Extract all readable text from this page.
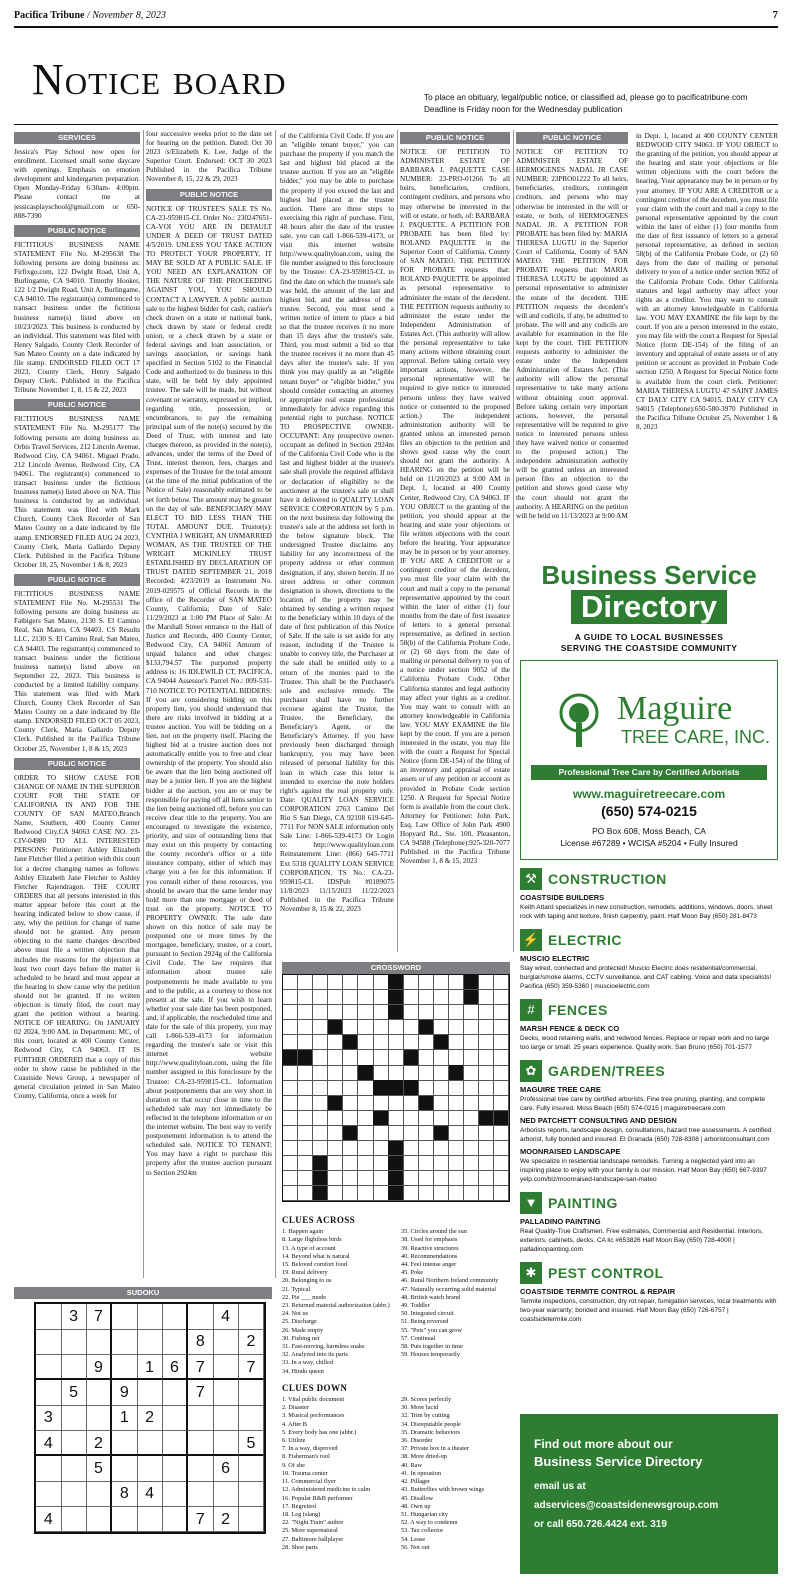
Pacifica Tribune / November 8, 2023	7
Notice board	To place an obituary, legal/public notice, or classified ad, please go to pacificatribune.com
Deadline is Friday noon for the Wednesday publication
SERVICES

Jessica's Play School now open for enrollment. Licensed small some daycare with openings. Emphasis on emotion development and kindergarten preparation. Open Monday-Friday 6:30am- 4:00pm. Please contact me at jessicasplayschool@gmail.com or 650-888-7390

PUBLIC NOTICE

FICTITIOUS BUSINESS NAME STATEMENT File No. M-295638 The following persons are doing business as: Firfixgo.com, 122 Dwight Road, Unit A, Burlingame, CA 94010. Timothy Hooker, 122 1/2 Dwight Road, Unit A, Burlingame, CA 94010. The registrant(s) commenced to transact business under the fictitious business name(s) listed above on 10/23/2023. This business is conducted by an individual. This statement was filed with Henry Salgado, County Clerk Recorder of San Mateo County on a date indicated by file stamp. ENDORSED FILED OCT 17 2023, County Clerk, Henry Salgado Deputy Clerk. Published in the Pacifica Tribune November 1, 8, 15 & 22, 2023

PUBLIC NOTICE

FICTITIOUS BUSINESS NAME STATEMENT File No. M-295177 The following persons are doing business as: Orbis Travel Services, 212 Lincoln Avenue, Redwood City, CA 94061. Miguel Prado, 212 Lincoln Avenue, Redwood City, CA 94061. The registrant(s) commenced to transact business under the fictitious business name(s) listed above on N/A. This business is conducted by an individual. This statement was filed with Mark Church, County Clerk Recorder of San Mateo County on a date indicated by file stamp. ENDORSED FILED AUG 24 2023, County Clerk, Maria Gallardo Deputy Clerk. Published in the Pacifica Tribune October 18, 25, November 1 & 8, 2023

PUBLIC NOTICE

FICTITIOUS BUSINESS NAME STATEMENT File No. M-295531 The following persons are doing business as: Fatbigers San Mateo, 2130 S. El Camino Real, San Mateo, CA 94403. CS Results LLC, 2130 S. El Camino Real, San Mateo, CA 94403. The registrant(s) commenced to transact business under the fictitious business name(s) listed above on September 22, 2023. This business is conducted by a limited liability company. This statement was filed with Mark Church, County Clerk Recorder of San Mateo County on a date indicated by file stamp. ENDORSED FILED OCT 05 2023, County Clerk, Maria Gallardo Deputy Clerk. Published in the Pacifica Tribune October 25, November 1, 8 & 15, 2023

PUBLIC NOTICE

ORDER TO SHOW CAUSE FOR CHANGE OF NAME IN THE SUPERIOR COURT FOR THE STATE OF CALIFORNIA IN AND FOR THE COUNTY OF SAN MATEO,Branch Name, Southern, 400 County Center Redwood City,CA 94063 CASE NO. 23-CIV-04980 TO ALL INTERESTED PERSONS: Petitioner: Ashley Elizabeth Jane Fletcher filed a petition with this court for a decree changing names as follows: Ashley Elizabeth Jane Fletcher to Ashley Fletcher Rajendragon. THE COURT ORDERS that all persons interested in this matter appear before this court at the hearing indicated below to show cause, if any, why the petition for change of name should not be granted. Any person objecting to the name changes described above must file a written objection that includes the reasons for the objection at least two court days before the matter is scheduled to be heard and must appear at the hearing to show cause why the petition should not be granted. If no written objection is timely filed, the court may grant the petition without a hearing. NOTICE OF HEARING: On JANUARY 02 2024, 9:00 AM, in Department: MC, of this court, located at 400 County Center, Redwood City, CA 94063. IT IS FURTHER ORDERED that a copy of this order to show cause be published in the Coastside News Group, a newspaper of general circulation printed in San Mateo County, California, once a week for

four successive weeks prior to the date set for hearing on the petition. Dated: Oct 30 2023 /s/Elizabeth K. Lee, Judge of the Superior Court. Endorsed: OCT 30 2023 Published in the Pacifica Tribune November 8, 15, 22 & 29, 2023

PUBLIC NOTICE

NOTICE OF TRUSTEE'S SALE TS No. CA-23-959815-CL Order No.: 230247651-CA-VOI YOU ARE IN DEFAULT UNDER A DEED OF TRUST DATED 4/5/2019. UNLESS YOU TAKE ACTION TO PROTECT YOUR PROPERTY, IT MAY BE SOLD AT A PUBLIC SALE. IF YOU NEED AN EXPLANATION OF THE NATURE OF THE PROCEEDING AGAINST YOU, YOU SHOULD CONTACT A LAWYER. A public auction sale to the highest bidder for cash, cashier's check drawn on a state or national bank, check drawn by state or federal credit union, or a check drawn by a state or federal savings and loan association, or savings association, or savings bank specified in Section 5102 to the Financial Code and authorized to do business in this state, will be held by duly appointed trustee. The sale will be made, but without covenant or warranty, expressed or implied, regarding title, possession, or encumbrances, to pay the remaining principal sum of the note(s) secured by the Deed of Trust, with interest and late charges thereon, as provided in the note(s), advances, under the terms of the Deed of Trust, interest thereon, fees, charges and expenses of the Trustee for the total amount (at the time of the initial publication of the Notice of Sale) reasonably estimated to be set forth below. The amount may be greater on the day of sale. BENEFICIARY MAY ELECT TO BID LESS THAN THE TOTAL AMOUNT DUE. Trustor(s): CYNTHIA J WRIGHT, AN UNMARRIED WOMAN, AS THE TRUSTEE OF THE WRIGHT MCKINLEY TRUST ESTABLISHED BY DECLARATION OF TRUST DATED SEPTEMBER 21, 2018 Recorded: 4/23/2019 as Instrument No. 2019-029575 of Official Records in the office of the Recorder of SAN MATEO County, California; Date of Sale: 11/29/2023 at 1:00 PM Place of Sale: At the Marshall Street entrance to the Hall of Justice and Records, 400 County Center, Redwood City, CA 94061 Amount of unpaid balance and other charges: $133,794.57 The purported property address is: 16 IDLEWILD CT, PACIFICA, CA 94044 Assessor's Parcel No.: 009-531-710 NOTICE TO POTENTIAL BIDDERS: If you are considering bidding on this property lien, you should understand that there are risks involved in bidding at a trustee auction. You will be bidding on a lien, not on the property itself. Placing the highest bid at a trustee auction does not automatically entitle you to free and clear ownership of the property. You should also be aware that the lien being auctioned off may be a junior lien. If you are the highest bidder at the auction, you are or may be responsible for paying off all liens senior to the lien being auctioned off, before you can receive clear title to the property. You are encouraged to investigate the existence, priority, and size of outstanding liens that may exist on this property by contacting the county recorder's office or a title insurance company, either of which may charge you a fee for this information. If you consult either of these resources, you should be aware that the same lender may hold more than one mortgage or deed of trust on the property. NOTICE TO PROPERTY OWNER: The sale date shown on this notice of sale may be postponed one or more times by the mortgagee, beneficiary, trustee, or a court, pursuant to Section 2924g of the California Civil Code. The law requires that information about trustee sale postponements be made available to you and to the public, as a courtesy to those not present at the sale. If you wish to learn whether your sale date has been postponed, and, if applicable, the rescheduled time and date for the sale of this property, you may call 1-866-539-4173 for information regarding the trustee's sale or visit this internet website http://www.qualityloan.com, using the file number assigned to this foreclosure by the Trustee: CA-23-959815-CL. Information about postponements that are very short in duration or that occur close in time to the scheduled sale may not immediately be reflected in the telephone information or on the internet website. The best way to verify postponement information is to attend the scheduled sale. NOTICE TO TENANT: You may have a right to purchase this property after the trustee auction pursuant to Section 2924m

of the California Civil Code. If you are an "eligible tenant buyer," you can purchase the property if you match the last and highest bid placed at the trustee auction. If you are an "eligible bidder," you may be able to purchase the property if you exceed the last and highest bid placed at the trustee auction. There are three steps to exercising this right of purchase. First, 48 hours after the date of the trustee sale, you can call 1-866-539-4173, or visit this internet website http://www.qualityloan.com, using the file number assigned to this foreclosure by the Trustee: CA-23-959815-CL to find the date on which the trustee's sale was held, the amount of the last and highest bid, and the address of the trustee. Second, you must send a written notice of intent to place a bid so that the trustee receives it no more than 15 days after the trustee's sale. Third, you must submit a bid so that the trustee receives it no more than 45 days after the trustee's sale. If you think you may qualify as an "eligible tenant buyer" or "eligible bidder," you should consider contacting an attorney or appropriate real estate professional immediately for advice regarding this potential right to purchase. NOTICE TO PROSPECTIVE OWNER-OCCUPANT: Any prospective owner-occupant as defined in Section 2924m of the California Civil Code who is the last and highest bidder at the trustee's sale shall provide the required affidavit or declaration of eligibility to the auctioneer at the trustee's sale or shall have it delivered to QUALITY LOAN SERVICE CORPORATION by 5 p.m. on the next business day following the trustee's sale at the address set forth in the below signature block. The undersigned Trustee disclaims any liability for any incorrectness of the property address or other common designation, if any, shown herein. If no street address or other common designation is shown, directions to the location of the property may be obtained by sending a written request to the beneficiary within 10 days of the date of first publication of this Notice of Sale. If the sale is set aside for any reason, including if the Trustee is unable to convey title, the Purchaser at the sale shall be entitled only to a return of the monies paid to the Trustee. This shall be the Purchaser's sole and exclusive remedy. The purchaser shall have no further recourse against the Trustor, the Trustee, the Beneficiary, the Beneficiary's Agent, or the Beneficiary's Attorney. If you have previously been discharged through bankruptcy, you may have been released of personal liability for this loan in which case this letter is intended to exercise the note holders right's against the real property only. Date: QUALITY LOAN SERVICE CORPORATION 2763 Camino Del Rio S San Diego, CA 92108 619-645-7711 For NON SALE information only Sale Line: 1-866-539-4173 Or Login to: http://www.qualityloan.com Reinstatement Line: (866) 645-7711 Ext 5318 QUALITY LOAN SERVICE CORPORATION. TS No.: CA-23-959815-CL IDSPub #0189075 11/8/2023 11/15/2023 11/22/2023 Published in the Pacifica Tribune November 8, 15 & 22, 2023

PUBLIC NOTICE

NOTICE OF PETITION TO ADMINISTER ESTATE OF BARBARA J. PAQUETTE CASE NUMBER: 23-PRO-01266 To all heirs, beneficiaries, creditors, contingent creditors, and persons who may otherwise be interested in the will or estate, or both, of: BARBARA J. PAQUETTE. A PETITION FOR PROBATE has been filed by: ROLAND PAQUETTE in the Superior Court of California, County of SAN MATEO. THE PETITION FOR PROBATE requests that: ROLAND PAQUETTE be appointed as personal representative to administer the estate of the decedent. THE PETITION requests authority to administer the estate under the Independent Administration of Estates Act. (This authority will allow the personal representative to take many actions without obtaining court approval. Before taking certain very important actions, however, the personal representative will be required to give notice to interested persons unless they have waived notice or consented to the proposed action.) The independent administration authority will be granted unless an interested person files an objection to the petition and shows good cause why the court should not grant the authority. A HEARING on the petition will be held on 11/20/2023 at 9:00 AM in Dept. 1, located at 400 County Center, Redwood City, CA 94063. IF YOU OBJECT to the granting of the petition, you should appear at the hearing and state your objections or file written objections with the court before the hearing. Your appearance may be in person or by your attorney. IF YOU ARE A CREDITOR or a contingent creditor of the decedent, you must file your claim with the court and mail a copy to the personal representative appointed by the court within the later of either (1) four months from the date of first issuance of letters to a general personal representative, as defined in section 58(b) of the California Probate Code, or (2) 60 days from the date of mailing or personal delivery to you of a notice under section 9052 of the California Probate Code. Other California statutes and legal authority may affect your rights as a creditor. You may want to consult with an attorney knowledgeable in California law. YOU MAY EXAMINE the file kept by the court. If you are a person interested in the estate, you may file with the court a Request for Special Notice (form DE-154) of the filing of an inventory and appraisal of estate assets or of any petition or account as provided in Probate Code section 1250. A Request for Special Notice form is available from the court clerk. Attorney for Petitioner: John Park, Esq. Law Office of John Park 4900 Hopyard Rd., Ste. 100, Pleasanton, CA 94588 (Telephone):925-320-7077 Published in the Pacifica Tribune November 1, 8 & 15, 2023

PUBLIC NOTICE

NOTICE OF PETITION TO ADMINISTER ESTATE OF HERMOGENES NADAL JR CASE NUMBER: 23PRO01222 To all heirs, beneficiaries, creditors, contingent creditors, and persons who may otherwise be interested in the will or estate, or both, of HERMOGENES NADAL JR. A PETITION FOR PROBATE has been filed by: MARIA THERESA LUGTU in the Superior Court of California, County of SAN MATEO. THE PETITION FOR PROBATE requests that: MARIA THERESA LUGTU be appointed as personal representative to administer the estate of the decedent. THE PETITION requests the decedent's will and codicils, if any, be admitted to probate. The will and any codicils are available for examination in the file kept by the court. THE PETITION requests authority to administer the estate under the Independent Administration of Estates Act. (This authority will allow the personal representative to take many actions without obtaining court approval. Before taking certain very important actions, however, the personal representative will be required to give notice to interested persons unless they have waived notice or consented to the proposed action.) The independent administration authority will be granted unless an interested person files an objection to the petition and shows good cause why the court should not grant the authority. A HEARING on the petition will be held on 11/13/2023 at 9:00 AM

in Dept. 1, located at 400 COUNTY CENTER REDWOOD CITY 94063. IF YOU OBJECT to the granting of the petition, you should appear at the hearing and state your objections or file written objections with the court before the hearing. Your appearance may be in person or by your attorney. IF YOU ARE A CREDITOR or a contingent creditor of the decedent, you must file your claim with the court and mail a copy to the personal representative appointed by the court within the later of either (1) four months from the date of first issuance of letters to a general personal representative, as defined in section 58(b) of the California Probate Code, or (2) 60 days from the date of mailing or personal delivery to you of a notice under section 9052 of the California Probate Code. Other California statutes and legal authority may affect your rights as a creditor. You may want to consult with an attorney knowledgeable in California law. YOU MAY EXAMINE the file kept by the court. If you are a person interested in the estate, you may file with the court a Request for Special Notice (form DE-154) of the filing of an inventory and appraisal of estate assets or of any petition or account as provided in Probate Code section 1250. A Request for Special Notice form is available from the court clerk. Petitioner: MARIA THERESA LUGTU 47 SAINT JAMES CT DALY CITY CA 94015, DALY CITY CA 94015 (Telephone):650-580-3970 Published in the Pacifica Tribune October 25, November 1 & 8, 2023

Business Service
Directory
A GUIDE TO LOCAL BUSINESSES
SERVING THE COASTSIDE COMMUNITY
Maguire
TREE CARE, INC.
Professional Tree Care by Certified Arborists
www.maguiretreecare.com
(650) 574-0215
PO Box 608, Moss Beach, CA
License #67289 • WCISA #5204 • Fully Insured
⚒ CONSTRUCTION
COASTSIDE BUILDERS
Keith Attard specializes in new construction, remodels, additions, windows, doors, sheet rock with taping and texture, finish carpentry, paint. Half Moon Bay (650) 281-8473
⚡ ELECTRIC
MUSCIO ELECTRIC
Stay wired, connected and protected! Muscio Electric does residential/commercial, burglar/smoke alarms, CCTV surveillance, and CAT cabling. Voice and data specialists! Pacifica (650) 359-5360 | muscioelectric.com
# FENCES
MARSH FENCE & DECK CO
Decks, wood retaining walls, and redwood fences. Replace or repair work and no large too large or small. 25 years experience. Quality work. San Bruno (650) 701-1577
✿ GARDEN/TREES
MAGUIRE TREE CARE
Professional tree care by certified arborists. Fine tree pruning, planting, and complete care. Fully insured. Moss Beach (650) 574-0215 | maguiretreecare.com
NED PATCHETT CONSULTING AND DESIGN
Arborists reports, landscape design, consultations, hazard tree assessments. A certified arborist, fully bonded and insured. El Granada (650) 728-8308 | arboristconsultant.com
MOONRAISED LANDSCAPE
We specialize in residential landscape remodels. Turning a neglected yard into an inspiring place to enjoy with your family is our mission. Half Moon Bay (650) 667-9397 yelp.com/biz/moonraised-landscape-san-mateo
▼ PAINTING
PALLADINO PAINTING
Real Quality-True Craftsmen. Free estimates, Commercial and Residential. Interiors, exteriors, cabinets, decks. CA lic #653826 Half Moon Bay (650) 728-4000 | palladinopainting.com
✱ PEST CONTROL
COASTSIDE TERMITE CONTROL & REPAIR
Termite inspections, construction, dry rot repair, fumigation services, local treatments with two-year warranty; bonded and insured. Half Moon Bay (650) 726-6757 | coastsidetermite.com
Find out more about our
Business Service Directory
email us at
adservices@coastsidenewsgroup.com
or call 650.726.4424 ext. 319
CROSSWORD
CLUES ACROSS
1. Happen again
8. Large flightless birds
13. A type of account
14. Beyond what is natural
15. Beloved comfort food
19. Rural delivery
20. Belonging to us
21. Typical
22. Pie ___ mode
23. Returned material authorization (abbr.)
24. Not us
25. Discharge
26. Made empty
30. Fishing net
31. Fast-moving, harmless snake
32. Analyzed into its parts
33. In a way, chilled
34. Hindu queen
35. Circles around the sun
38. Used for emphasis
39. Reactive structures
40. Recommendations
44. Feel intense anger
45. Poke
46. Rural Northern Ireland community
47. Naturally occurring solid material
48. British watch brand
49. Toddler
50. Integrated circuit
51. Being reversed
55. "Pets" you can grow
57. Continual
58. Puts together in time
59. Houses temporarily
CLUES DOWN
1. Vital public document
2. Disaster
3. Musical performances
4. After B
5. Every body has one (abbr.)
6. Utilize
7. In a way, disproved
8. Fisherman's tool
9. Of she
10. Trauma center
11. Commercial flyer
12. Administered medicine to calm
16. Popular R&B performer
17. Regretted
18. Leg (slang)
22. "Night Train" author
25. More supernatural
27. Baltimore ballplayer
28. Shoe parts
29. Scores perfectly
30. More lucid
32. Trim by cutting
34. Disreputable people
35. Dramatic behaviors
36. Disorder
37. Private box in a theater
38. More dried-up
40. Raw
41. In operation
42. Pillager
43. Butterflies with brown wings
45. Disallow
48. Own up
51. Hungarian city
52. A way to condemn
53. Tax collector
54. Lease
56. Not out
SUDOKU
3 7	4
8	2
9	1 6	7	7
5	9	7
3	1	2
4	2	5
5	6
8	4
4	7	2
